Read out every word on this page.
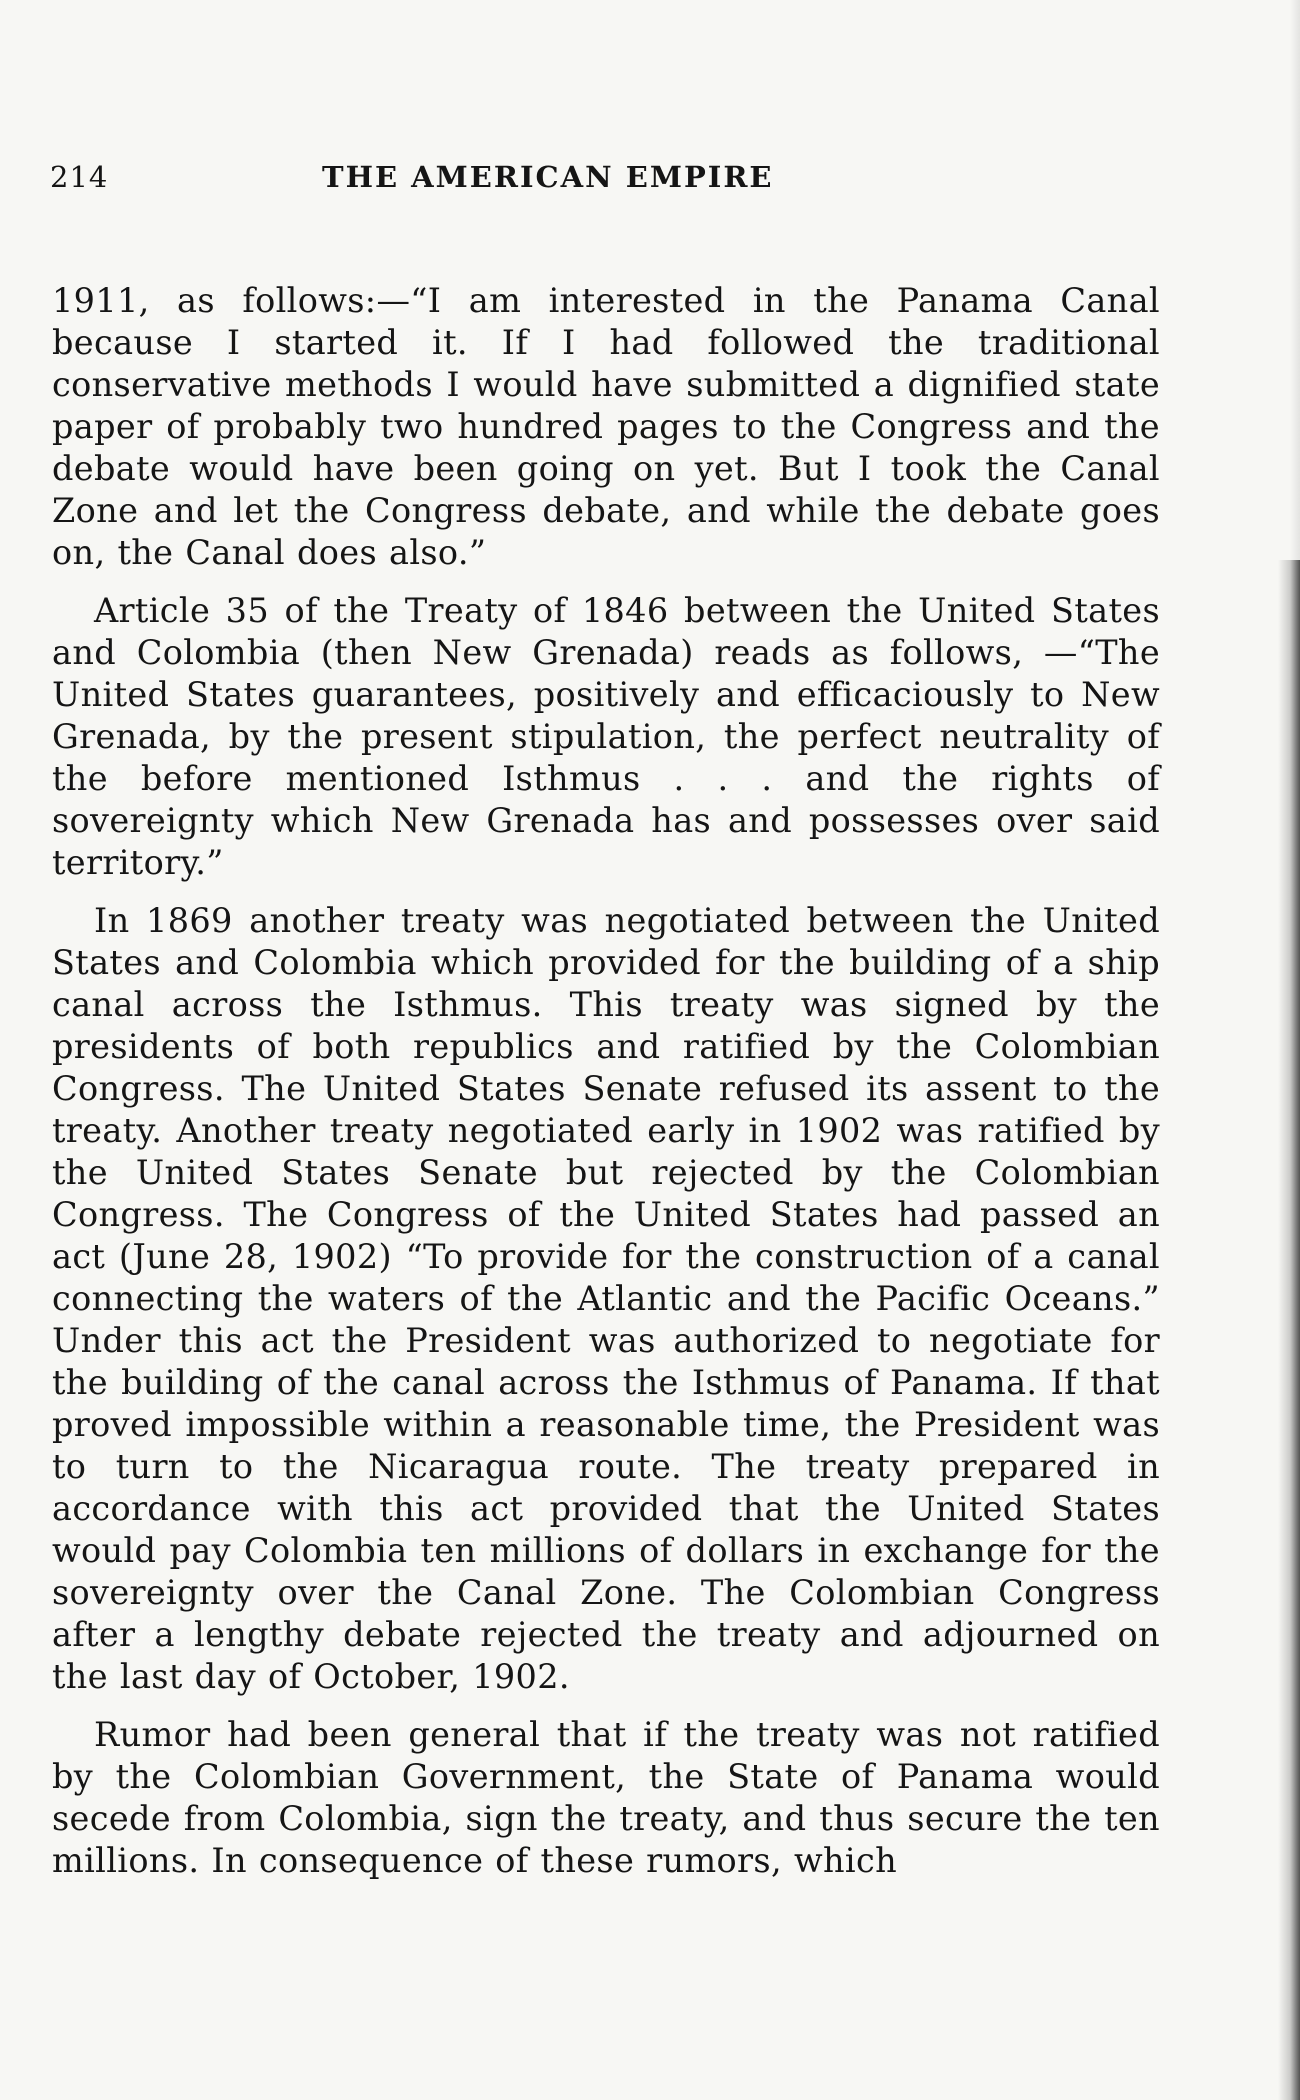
214	THE AMERICAN EMPIRE

1911, as follows:—“I am interested in the Panama Canal because I started it. If I had followed the traditional conservative methods I would have submitted a dignified state paper of probably two hundred pages to the Congress and the debate would have been going on yet. But I took the Canal Zone and let the Congress debate, and while the debate goes on, the Canal does also.”

Article 35 of the Treaty of 1846 between the United States and Colombia (then New Grenada) reads as follows, —“The United States guarantees, positively and efficaciously to New Grenada, by the present stipulation, the perfect neutrality of the before mentioned Isthmus . . . and the rights of sovereignty which New Grenada has and possesses over said territory.”

In 1869 another treaty was negotiated between the United States and Colombia which provided for the building of a ship canal across the Isthmus. This treaty was signed by the presidents of both republics and ratified by the Colombian Congress. The United States Senate refused its assent to the treaty. Another treaty negotiated early in 1902 was ratified by the United States Senate but rejected by the Colombian Congress. The Congress of the United States had passed an act (June 28, 1902) “To provide for the construction of a canal connecting the waters of the Atlantic and the Pacific Oceans.” Under this act the President was authorized to negotiate for the building of the canal across the Isthmus of Panama. If that proved impossible within a reasonable time, the President was to turn to the Nicaragua route. The treaty prepared in accordance with this act provided that the United States would pay Colombia ten millions of dollars in exchange for the sovereignty over the Canal Zone. The Colombian Congress after a lengthy debate rejected the treaty and adjourned on the last day of October, 1902.

Rumor had been general that if the treaty was not ratified by the Colombian Government, the State of Panama would secede from Colombia, sign the treaty, and thus secure the ten millions. In consequence of these rumors, which
